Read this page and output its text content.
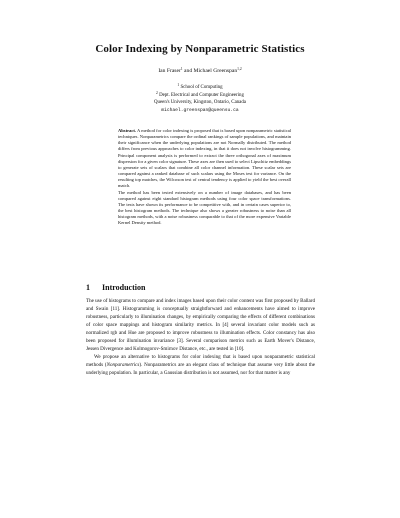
Color Indexing by Nonparametric Statistics
Ian Fraser$^1$ and Michael Greenspan$^{1,2}$
$^1$ School of Computing
$^2$ Dept. Electrical and Computer Engineering
Queen's University, Kingston, Ontario, Canada
michael.greenspan@queensu.ca

Abstract. A method for color indexing is proposed that is based upon nonparametric statistical techniques. Nonparametrics compare the ordinal rankings of sample populations, and maintain their significance when the underlying populations are not Normally distributed. The method differs from previous approaches to color indexing, in that it does not involve histogramming. Principal component analysis is performed to extract the three orthogonal axes of maximum dispersion for a given color signature. These axes are then used to select Lipschitz embeddings to generate sets of scalars that combine all color channel information. These scalar sets are compared against a ranked database of such scalars using the Moses test for variance. On the resulting top matches, the Wilcoxon test of central tendency is applied to yield the best overall match.

The method has been tested extensively on a number of image databases, and has been compared against eight standard histogram methods using four color space transformations. The tests have shown its performance to be competitive with, and in certain cases superior to, the best histogram methods. The technique also shows a greater robustness to noise than all histogram methods, with a noise robustness comparable to that of the more expensive Variable Kernel Density method.

1 Introduction

The use of histograms to compare and index images based upon their color content was first proposed by Ballard and Swain [11]. Histogramming is conceptually straightforward and enhancements have aimed to improve robustness, particularly to illumination changes, by empirically comparing the effects of different combinations of color space mappings and histogram similarity metrics. In [4] several invariant color models such as normalized rgb and Hue are proposed to improve robustness to illumination effects. Color constancy has also been proposed for illumination invariance [3]. Several comparison metrics such as Earth Mover's Distance, Jessen Divergence and Kolmogorov-Smirnov Distance, etc., are tested in [10].

We propose an alternative to histograms for color indexing that is based upon nonparametric statistical methods (Nonparametrics). Nonparametrics are an elegant class of technique that assume very little about the underlying population. In particular, a Gaussian distribution is not assumed, nor for that matter is any
